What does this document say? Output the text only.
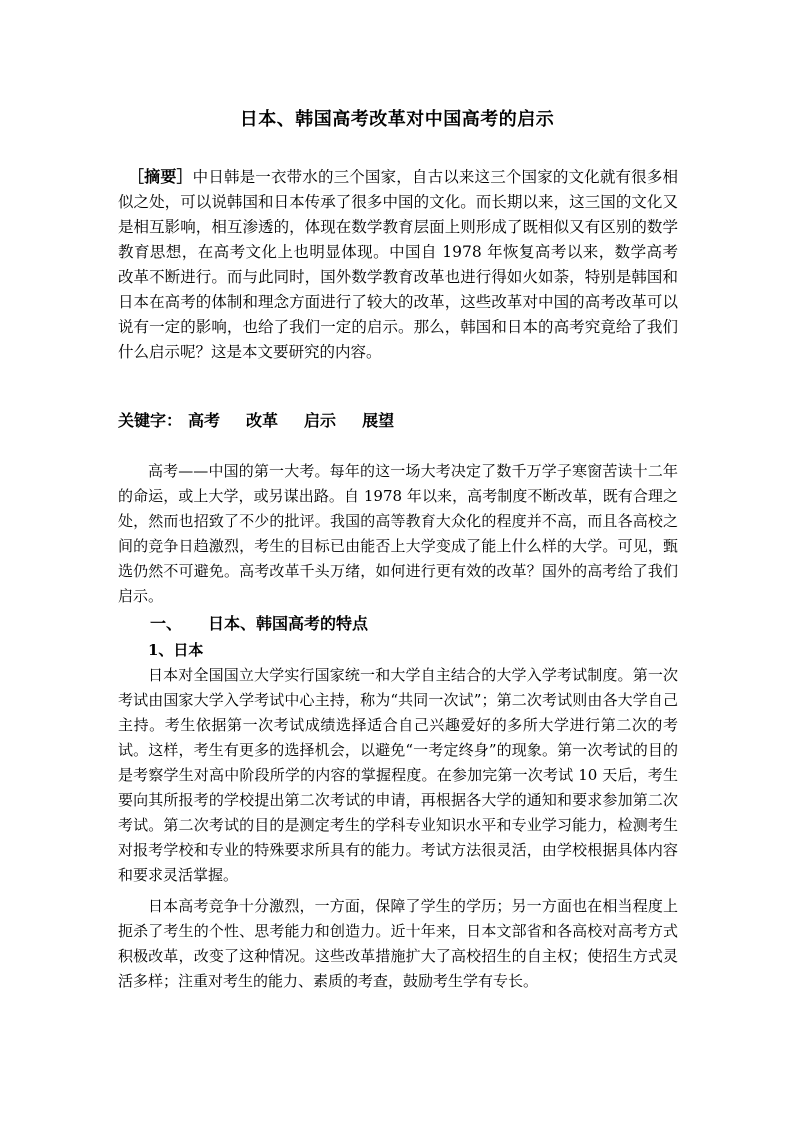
日本、韩国高考改革对中国高考的启示
［摘要］中日韩是一衣带水的三个国家，自古以来这三个国家的文化就有很多相似之处，可以说韩国和日本传承了很多中国的文化。而长期以来，这三国的文化又是相互影响，相互渗透的，体现在数学教育层面上则形成了既相似又有区别的数学教育思想，在高考文化上也明显体现。中国自 1978 年恢复高考以来，数学高考改革不断进行。而与此同时，国外数学教育改革也进行得如火如荼，特别是韩国和日本在高考的体制和理念方面进行了较大的改革，这些改革对中国的高考改革可以说有一定的影响，也给了我们一定的启示。那么，韩国和日本的高考究竟给了我们什么启示呢？这是本文要研究的内容。
关键字： 高考 改革 启示 展望

高考——中国的第一大考。每年的这一场大考决定了数千万学子寒窗苦读十二年的命运，或上大学，或另谋出路。自 1978 年以来，高考制度不断改革，既有合理之处，然而也招致了不少的批评。我国的高等教育大众化的程度并不高，而且各高校之间的竞争日趋激烈，考生的目标已由能否上大学变成了能上什么样的大学。可见，甄选仍然不可避免。高考改革千头万绪，如何进行更有效的改革？国外的高考给了我们启示。

一、 日本、韩国高考的特点
1、日本

日本对全国国立大学实行国家统一和大学自主结合的大学入学考试制度。第一次考试由国家大学入学考试中心主持，称为“共同一次试”；第二次考试则由各大学自己主持。考生依据第一次考试成绩选择适合自己兴趣爱好的多所大学进行第二次的考试。这样，考生有更多的选择机会，以避免“一考定终身”的现象。第一次考试的目的是考察学生对高中阶段所学的内容的掌握程度。在参加完第一次考试 10 天后，考生要向其所报考的学校提出第二次考试的申请，再根据各大学的通知和要求参加第二次考试。第二次考试的目的是测定考生的学科专业知识水平和专业学习能力，检测考生对报考学校和专业的特殊要求所具有的能力。考试方法很灵活，由学校根据具体内容和要求灵活掌握。

日本高考竞争十分激烈，一方面，保障了学生的学历；另一方面也在相当程度上扼杀了考生的个性、思考能力和创造力。近十年来，日本文部省和各高校对高考方式积极改革，改变了这种情况。这些改革措施扩大了高校招生的自主权；使招生方式灵活多样；注重对考生的能力、素质的考查，鼓励考生学有专长。
